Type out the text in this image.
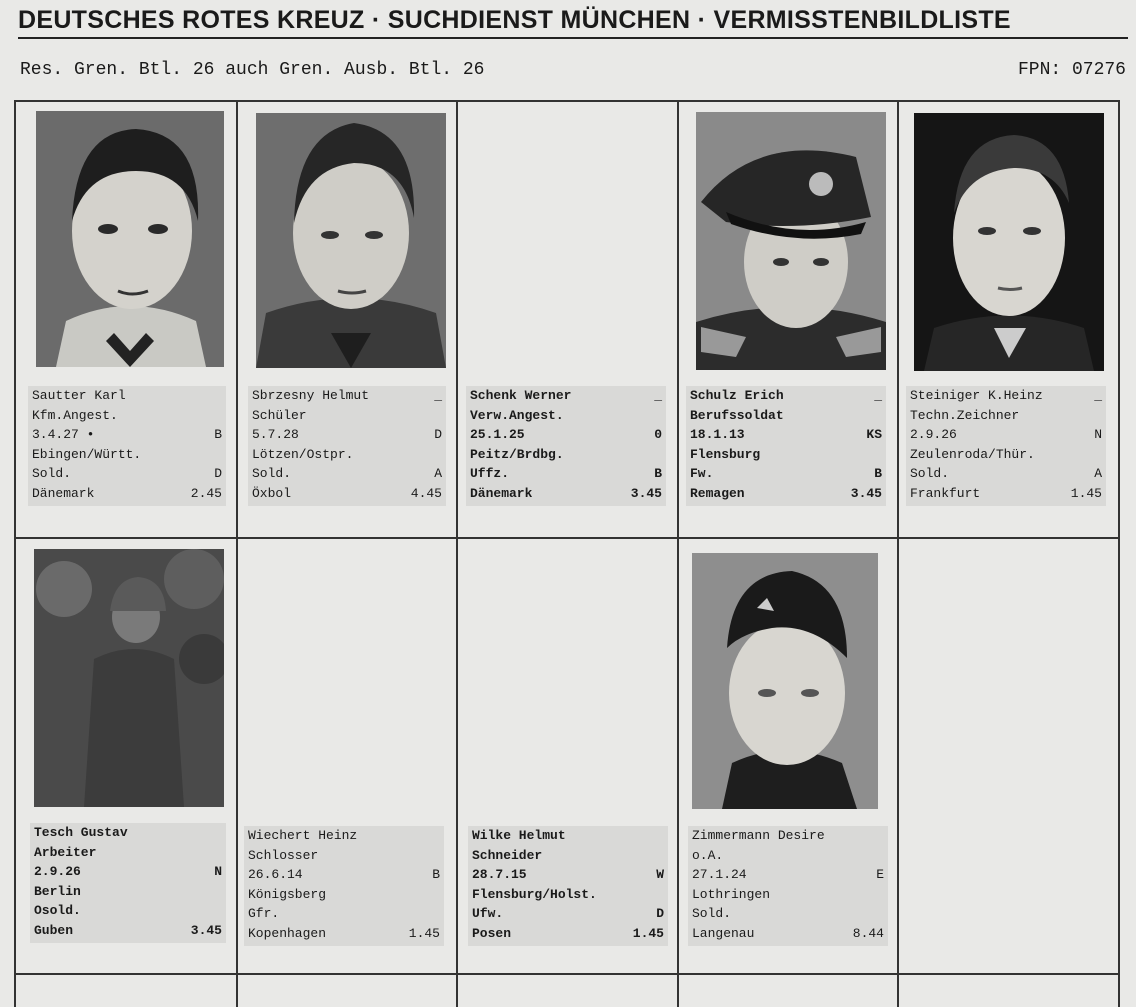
DEUTSCHES ROTES KREUZ · SUCHDIENST MÜNCHEN · VERMISSTENBILDLISTE
Res. Gren. Btl. 26 auch Gren. Ausb. Btl. 26	FPN: 07276
Sautter Karl
Kfm.Angest.
3.4.27 •	B
Ebingen/Württ.
Sold.	D
Dänemark	2.45
Sbrzesny Helmut	_
Schüler
5.7.28	D
Lötzen/Ostpr.
Sold.	A
Öxbol	4.45
Schenk Werner	_
Verw.Angest.
25.1.25	0
Peitz/Brdbg.
Uffz.	B
Dänemark	3.45
Schulz Erich	_
Berufssoldat
18.1.13	KS
Flensburg
Fw.	B
Remagen	3.45
Steiniger K.Heinz	_
Techn.Zeichner
2.9.26	N
Zeulenroda/Thür.
Sold.	A
Frankfurt	1.45
Tesch Gustav
Arbeiter
2.9.26	N
Berlin
Osold.
Guben	3.45
Wiechert Heinz
Schlosser
26.6.14	B
Königsberg
Gfr.
Kopenhagen	1.45
Wilke Helmut
Schneider
28.7.15	W
Flensburg/Holst.
Ufw.	D
Posen	1.45
Zimmermann Desire
o.A.
27.1.24	E
Lothringen
Sold.
Langenau	8.44
